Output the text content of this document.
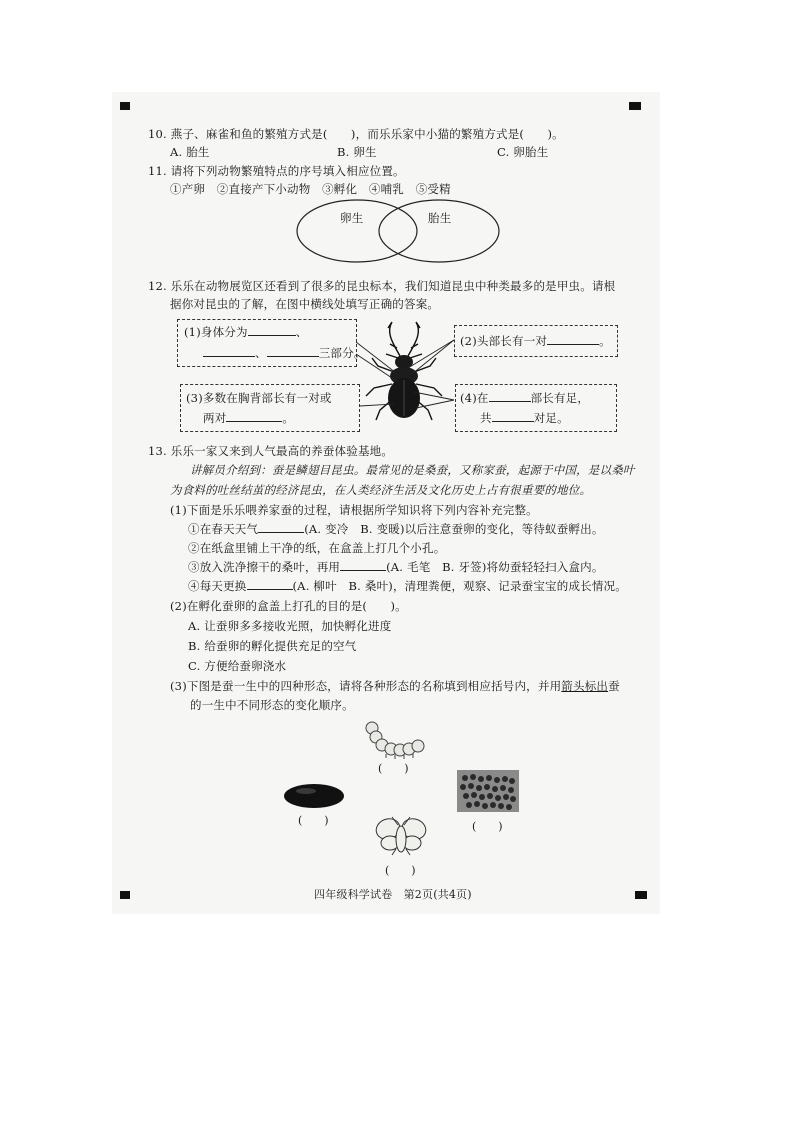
10. 燕子、麻雀和鱼的繁殖方式是(　　)，而乐乐家中小猫的繁殖方式是(　　)。
A. 胎生	B. 卵生	C. 卵胎生
11. 请将下列动物繁殖特点的序号填入相应位置。
①产卵　②直接产下小动物　③孵化　④哺乳　⑤受精
卵生	胎生
12. 乐乐在动物展览区还看到了很多的昆虫标本，我们知道昆虫中种类最多的是甲虫。请根
据你对昆虫的了解，在图中横线处填写正确的答案。
(1)身体分为	、
、	三部分。
(2)头部长有一对	。
(3)多数在胸背部长有一对或
两对	。
(4)在	部长有足，
共	对足。
13. 乐乐一家又来到人气最高的养蚕体验基地。
讲解员介绍到：蚕是鳞翅目昆虫。最常见的是桑蚕，又称家蚕，起源于中国，是以桑叶
为食料的吐丝结茧的经济昆虫，在人类经济生活及文化历史上占有很重要的地位。
(1)下面是乐乐喂养家蚕的过程，请根据所学知识将下列内容补充完整。
①在春天天气	(A. 变冷　B. 变暖)以后注意蚕卵的变化，等待蚁蚕孵出。
②在纸盒里铺上干净的纸，在盒盖上打几个小孔。
③放入洗净擦干的桑叶，再用	(A. 毛笔　B. 牙签)将幼蚕轻轻扫入盒内。
④每天更换	(A. 柳叶　B. 桑叶)，清理粪便，观察、记录蚕宝宝的成长情况。
(2)在孵化蚕卵的盒盖上打孔的目的是(　　)。
A. 让蚕卵多多接收光照，加快孵化进度
B. 给蚕卵的孵化提供充足的空气
C. 方便给蚕卵浇水
(3)下图是蚕一生中的四种形态，请将各种形态的名称填到相应括号内，并用箭头标出蚕
的一生中不同形态的变化顺序。
(　　)
(　　)	(　　)
(　　)
四年级科学试卷　第2页(共4页)
